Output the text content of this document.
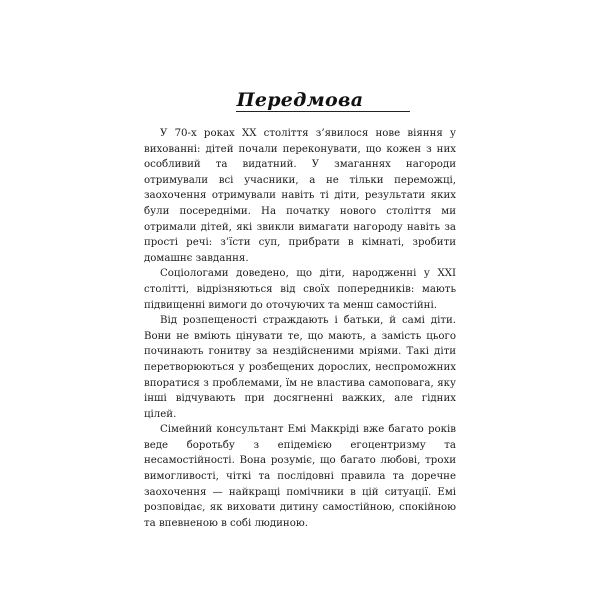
Передмова

У 70-х роках XX століття з’явилося нове віяння у вихованні: дітей почали переконувати, що кожен з них особливий та видатний. У змаганнях нагороди отримували всі учасники, а не тільки переможці, заохочення отримували навіть ті діти, результати яких були посередніми. На початку нового століття ми отримали дітей, які звикли вимагати нагороду навіть за прості речі: з’їсти суп, прибрати в кімнаті, зробити домашнє завдання.

Соціологами доведено, що діти, народженні у XXI столітті, відрізняються від своїх попередників: мають підвищенні вимоги до оточуючих та менш самостійні.

Від розпещеності страждають і батьки, й самі діти. Вони не вміють цінувати те, що мають, а замість цього починають гонитву за нездійсненими мріями. Такі діти перетворюються у розбещених дорослих, неспроможних впоратися з проблемами, їм не властива самоповага, яку інші відчувають при досягненні важких, але гідних цілей.

Сімейний консультант Емі Маккріді вже багато років веде боротьбу з епідемією егоцентризму та несамостійності. Вона розуміє, що багато любові, трохи вимогливості, чіткі та послідовні правила та доречне заохочення — найкращі помічники в цій ситуації. Емі розповідає, як виховати дитину самостійною, спокійною та впевненою в собі людиною.
